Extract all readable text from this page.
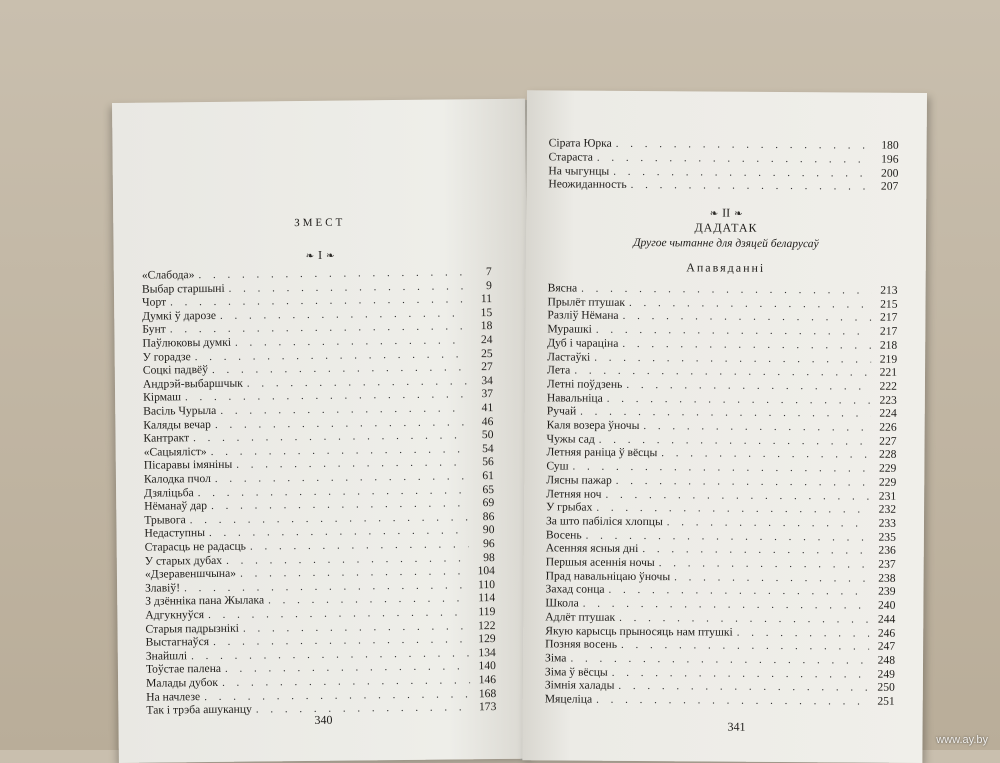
ЗМЕСТ
❧ I ❧
«Слабода» . . .	7
Выбар старшыні . . .	9
Чорт . . .	11
Думкі ў дарозе . . .	15
Бунт . . .	18
Паўлюковы думкі . . .	24
У горадзе . . .	25
Соцкі падвёў . . .	27
Андрэй-выбаршчык . . .	34
Кірмаш . . .	37
Васіль Чурыла . . .	41
Каляды вечар . . .	46
Кантракт . . .	50
«Сацыяліст» . . .	54
Пісаравы імяніны . . .	56
Калодка пчол . . .	61
Дзяліцьба . . .	65
Нёманаў дар . . .	69
Трывога . . .	86
Недаступны . . .	90
Старасць не радасць . . .	96
У старых дубах . . .	98
«Дзеравеншчына» . . .	104
Злавіў! . . .	110
З дзённіка пана Жылака . . .	114
Адгукнуўся . . .	119
Старыя падрызнікі . . .	122
Выстагнаўся . . .	129
Знайшлі . . .	134
Тоўстае палена . . .	140
Малады дубок . . .	146
На начлезе . . .	168
Так і трэба ашуканцу . . .	173
340
Сірата Юрка . . .	180
Стараста . . .	196
На чыгунцы . . .	200
Неожиданность . . .	207
❧ II ❧
ДАДАТАК
Другое чытанне для дзяцей беларусаў
Апавяданні
Вясна . . .	213
Прылёт птушак . . .	215
Разліў Нёмана . . .	217
Мурашкі . . .	217
Дуб і чараціна . . .	218
Ластаўкі . . .	219
Лета . . .	221
Летні поўдзень . . .	222
Навальніца . . .	223
Ручай . . .	224
Каля возера ўночы . . .	226
Чужы сад . . .	227
Летняя раніца ў вёсцы . . .	228
Суш . . .	229
Лясны пажар . . .	229
Летняя ноч . . .	231
У грыбах . . .	232
За што пабіліся хлопцы . . .	233
Восень . . .	235
Асенняя ясныя дні . . .	236
Першыя асеннія ночы . . .	237
Прад навальніцаю ўночы . . .	238
Захад сонца . . .	239
Школа . . .	240
Адлёт птушак . . .	244
Якую карысць прыносяць нам птушкі . . .	246
Позняя восень . . .	247
Зіма . . .	248
Зіма ў вёсцы . . .	249
Зімнія халады . . .	250
Мяцеліца . . .	251
341
www.ay.by
